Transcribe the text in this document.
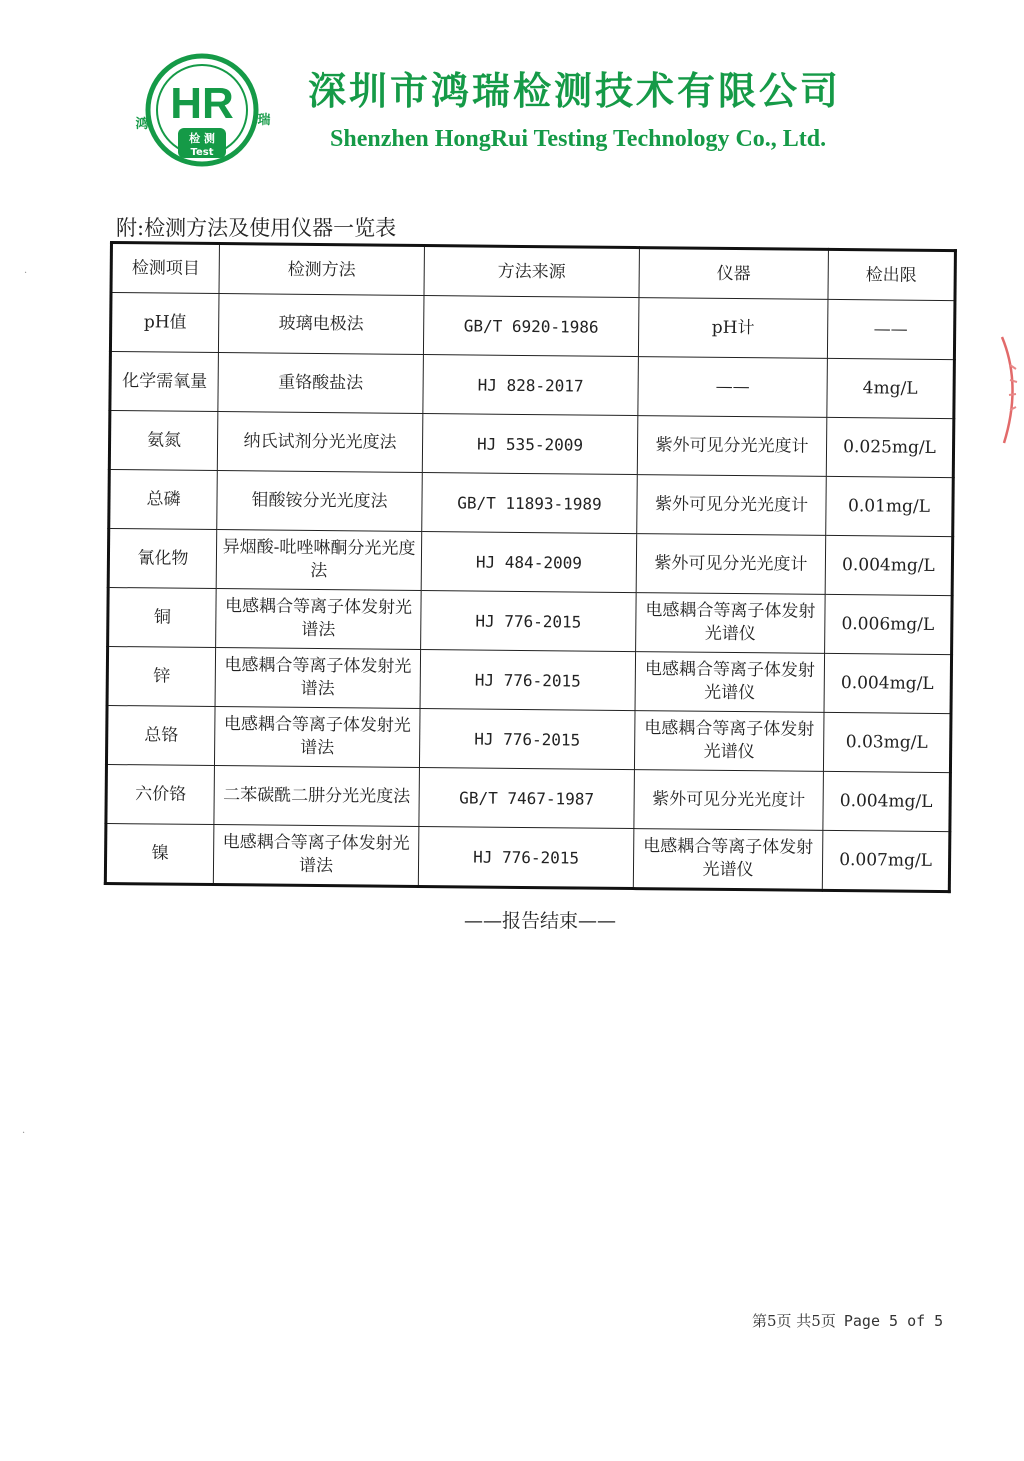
HR
检 测
Test
鸿	瑞
深圳市鸿瑞检测技术有限公司
Shenzhen HongRui Testing Technology Co., Ltd.
附:检测方法及使用仪器一览表
检测项目	检测方法	方法来源	仪器	检出限
pH值	玻璃电极法	GB/T 6920-1986	pH计	——
化学需氧量	重铬酸盐法	HJ 828-2017	——	4mg/L
氨氮	纳氏试剂分光光度法	HJ 535-2009	紫外可见分光光度计	0.025mg/L
总磷	钼酸铵分光光度法	GB/T 11893-1989	紫外可见分光光度计	0.01mg/L
氰化物	异烟酸-吡唑啉酮分光光度法	HJ 484-2009	紫外可见分光光度计	0.004mg/L
铜	电感耦合等离子体发射光谱法	HJ 776-2015	电感耦合等离子体发射光谱仪	0.006mg/L
锌	电感耦合等离子体发射光谱法	HJ 776-2015	电感耦合等离子体发射光谱仪	0.004mg/L
总铬	电感耦合等离子体发射光谱法	HJ 776-2015	电感耦合等离子体发射光谱仪	0.03mg/L
六价铬	二苯碳酰二肼分光光度法	GB/T 7467-1987	紫外可见分光光度计	0.004mg/L
镍	电感耦合等离子体发射光谱法	HJ 776-2015	电感耦合等离子体发射光谱仪	0.007mg/L
——报告结束——
第5页 共5页 Page 5 of 5
·
·
